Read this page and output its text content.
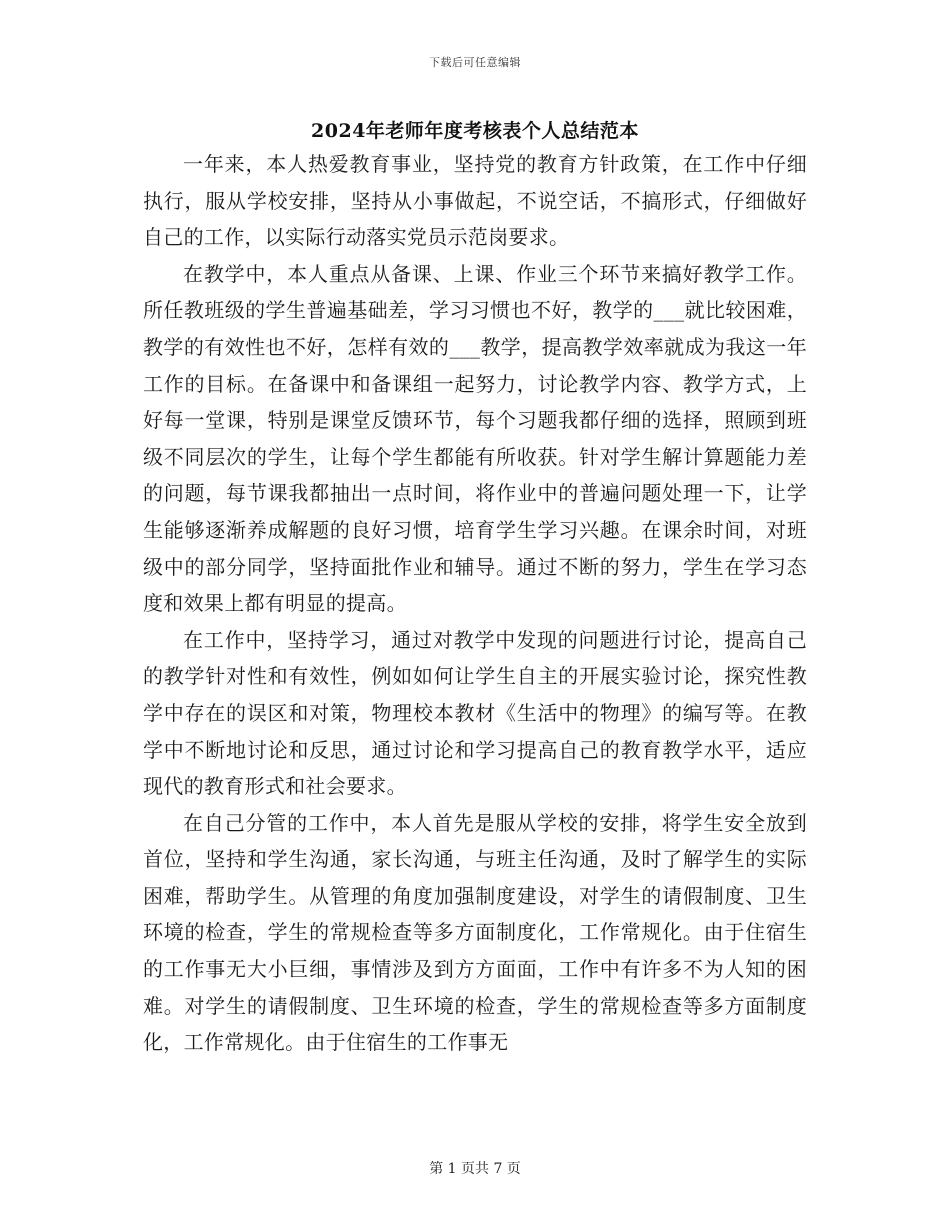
下载后可任意编辑
2024年老师年度考核表个人总结范本

一年来，本人热爱教育事业，坚持党的教育方针政策，在工作中仔细执行，服从学校安排，坚持从小事做起，不说空话，不搞形式，仔细做好自己的工作，以实际行动落实党员示范岗要求。

在教学中，本人重点从备课、上课、作业三个环节来搞好教学工作。所任教班级的学生普遍基础差，学习习惯也不好，教学的___就比较困难，教学的有效性也不好，怎样有效的___教学，提高教学效率就成为我这一年工作的目标。在备课中和备课组一起努力，讨论教学内容、教学方式，上好每一堂课，特别是课堂反馈环节，每个习题我都仔细的选择，照顾到班级不同层次的学生，让每个学生都能有所收获。针对学生解计算题能力差的问题，每节课我都抽出一点时间，将作业中的普遍问题处理一下，让学生能够逐渐养成解题的良好习惯，培育学生学习兴趣。在课余时间，对班级中的部分同学，坚持面批作业和辅导。通过不断的努力，学生在学习态度和效果上都有明显的提高。

在工作中，坚持学习，通过对教学中发现的问题进行讨论，提高自己的教学针对性和有效性，例如如何让学生自主的开展实验讨论，探究性教学中存在的误区和对策，物理校本教材《生活中的物理》的编写等。在教学中不断地讨论和反思，通过讨论和学习提高自己的教育教学水平，适应现代的教育形式和社会要求。

在自己分管的工作中，本人首先是服从学校的安排，将学生安全放到首位，坚持和学生沟通，家长沟通，与班主任沟通，及时了解学生的实际困难，帮助学生。从管理的角度加强制度建设，对学生的请假制度、卫生环境的检查，学生的常规检查等多方面制度化，工作常规化。由于住宿生的工作事无大小巨细，事情涉及到方方面面，工作中有许多不为人知的困难。对学生的请假制度、卫生环境的检查，学生的常规检查等多方面制度化，工作常规化。由于住宿生的工作事无

第 1 页共 7 页
